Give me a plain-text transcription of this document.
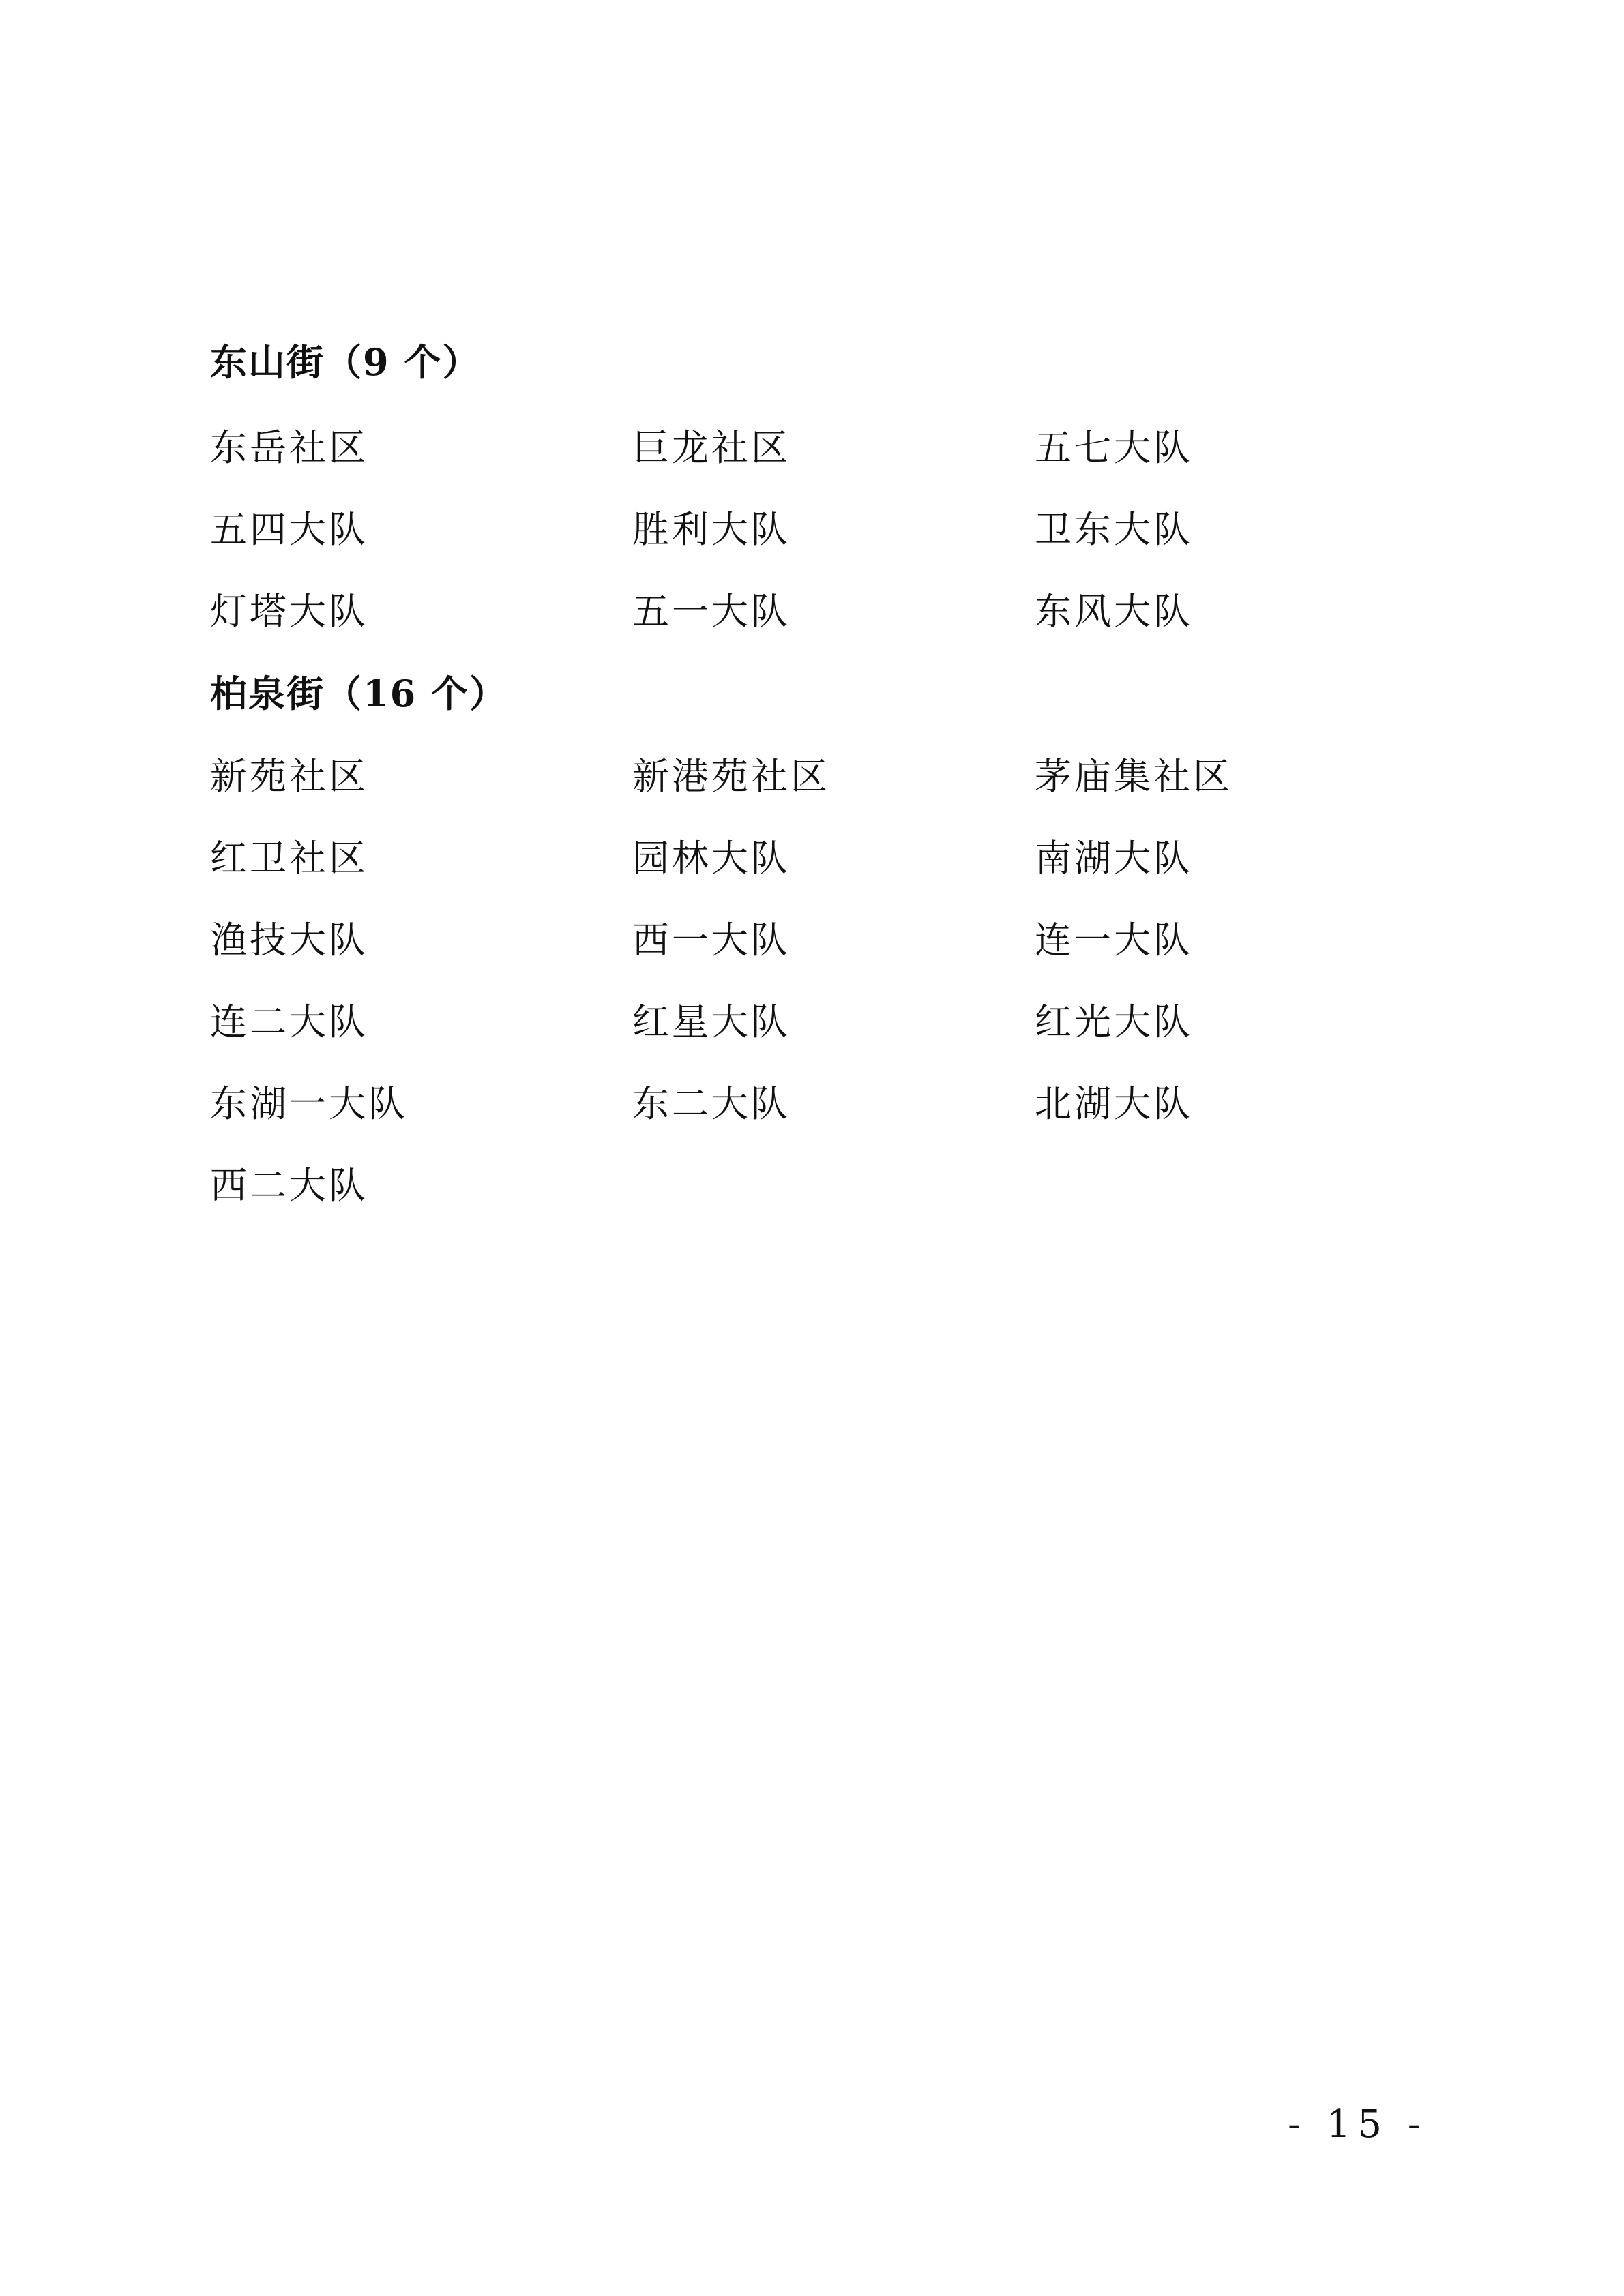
东山街（9 个）
东岳社区	巨龙社区	五七大队
五四大队	胜利大队	卫东大队
灯塔大队	五一大队	东风大队
柏泉街（16 个）
新苑社区	新港苑社区	茅庙集社区
红卫社区	园林大队	南湖大队
渔技大队	西一大队	连一大队
连二大队	红星大队	红光大队
东湖一大队	东二大队	北湖大队
西二大队
- 15 -
